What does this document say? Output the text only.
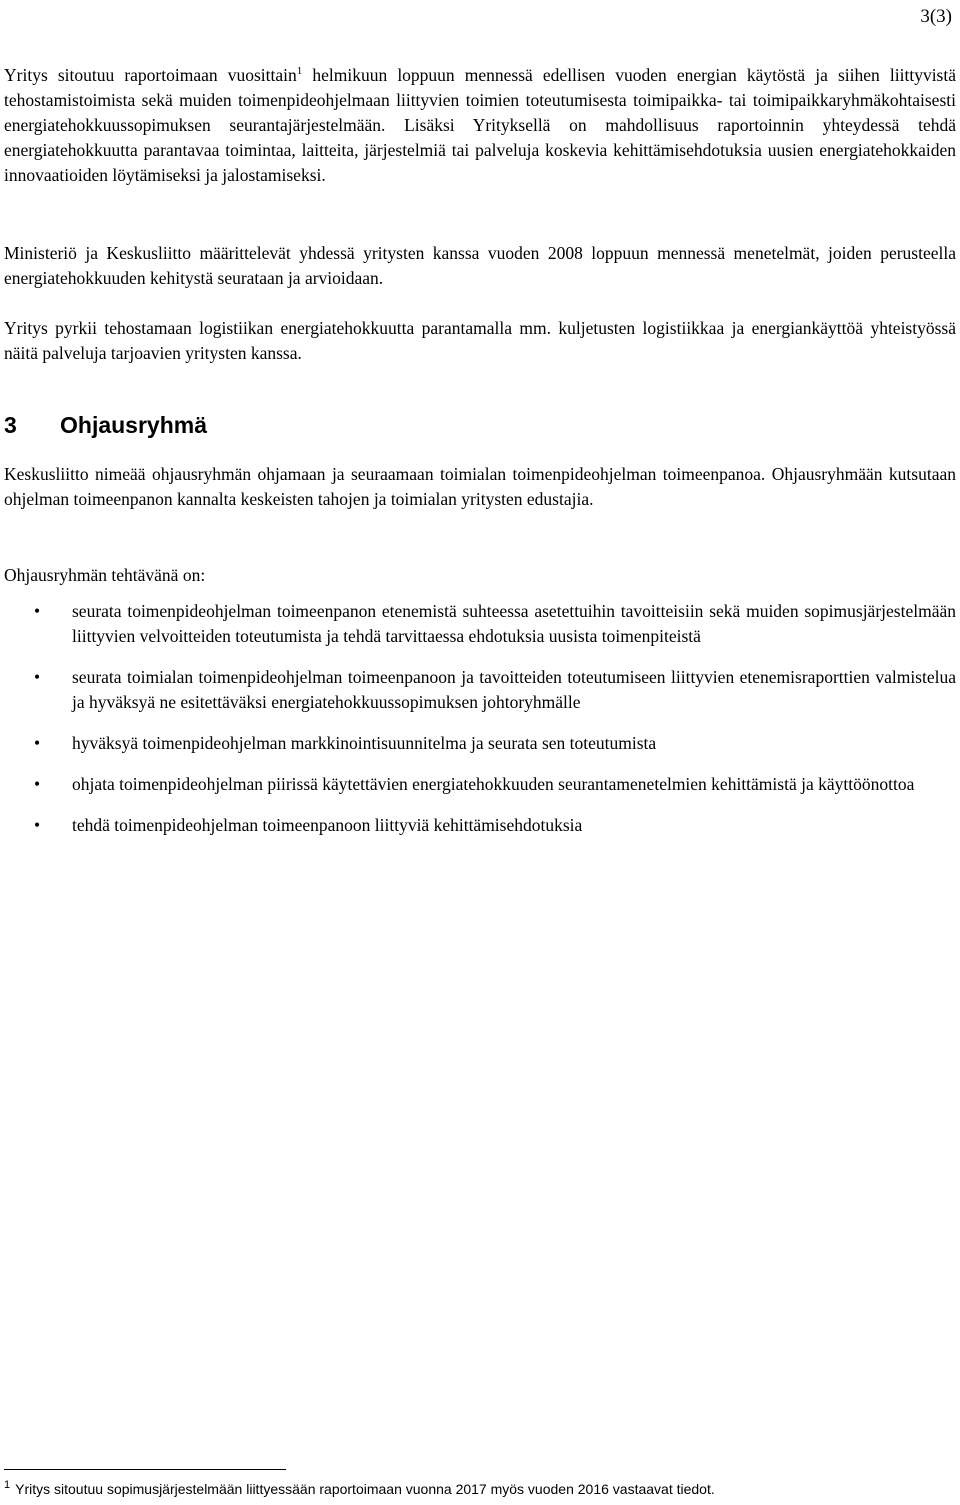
3(3)

Yritys sitoutuu raportoimaan vuosittain$^1$ helmikuun loppuun mennessä edellisen vuoden energian käytöstä ja siihen liittyvistä tehostamistoimista sekä muiden toimenpideohjelmaan liittyvien toimien toteutumisesta toimipaikka- tai toimipaikkaryhmäkohtaisesti energiatehokkuussopimuksen seurantajärjestelmään. Lisäksi Yrityksellä on mahdollisuus raportoinnin yhteydessä tehdä energiatehokkuutta parantavaa toimintaa, laitteita, järjestelmiä tai palveluja koskevia kehittämisehdotuksia uusien energiatehokkaiden innovaatioiden löytämiseksi ja jalostamiseksi.

Ministeriö ja Keskusliitto määrittelevät yhdessä yritysten kanssa vuoden 2008 loppuun mennessä menetelmät, joiden perusteella energiatehokkuuden kehitystä seurataan ja arvioidaan.

Yritys pyrkii tehostamaan logistiikan energiatehokkuutta parantamalla mm. kuljetusten logistiikkaa ja energiankäyttöä yhteistyössä näitä palveluja tarjoavien yritysten kanssa.

3 Ohjausryhmä

Keskusliitto nimeää ohjausryhmän ohjamaan ja seuraamaan toimialan toimenpideohjelman toimeenpanoa. Ohjausryhmään kutsutaan ohjelman toimeenpanon kannalta keskeisten tahojen ja toimialan yritysten edustajia.

Ohjausryhmän tehtävänä on:

• seurata toimenpideohjelman toimeenpanon etenemistä suhteessa asetettuihin tavoitteisiin sekä muiden sopimusjärjestelmään liittyvien velvoitteiden toteutumista ja tehdä tarvittaessa ehdotuksia uusista toimenpiteistä
• seurata toimialan toimenpideohjelman toimeenpanoon ja tavoitteiden toteutumiseen liittyvien etenemisraporttien valmistelua ja hyväksyä ne esitettäväksi energiatehokkuussopimuksen johtoryhmälle
• hyväksyä toimenpideohjelman markkinointisuunnitelma ja seurata sen toteutumista
• ohjata toimenpideohjelman piirissä käytettävien energiatehokkuuden seurantamenetelmien kehittämistä ja käyttöönottoa
• tehdä toimenpideohjelman toimeenpanoon liittyviä kehittämisehdotuksia
$^1$ Yritys sitoutuu sopimusjärjestelmään liittyessään raportoimaan vuonna 2017 myös vuoden 2016 vastaavat tiedot.
